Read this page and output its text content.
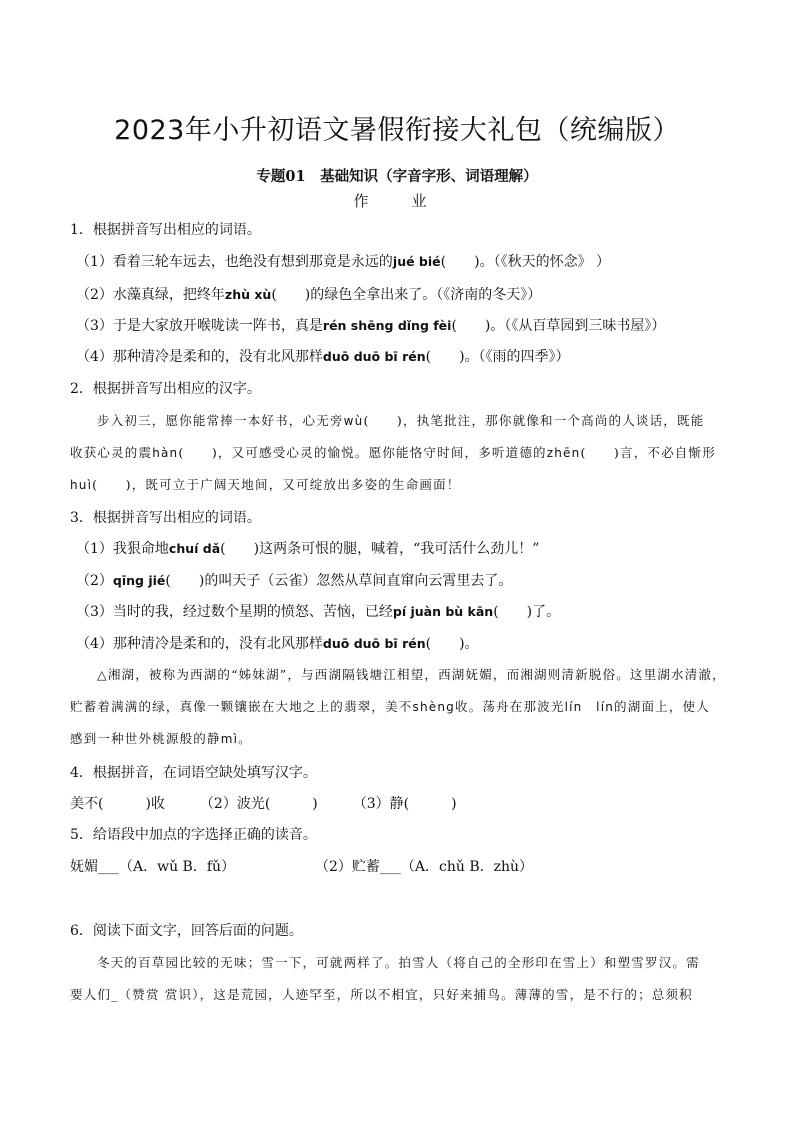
2023年小升初语文暑假衔接大礼包（统编版）
专题01　基础知识（字音字形、词语理解）
作　业
1．根据拼音写出相应的词语。
（1）看着三轮车远去，也绝没有想到那竟是永远的jué bié(　　)。（《秋天的怀念》 ）
（2）水藻真绿，把终年zhù xù(　　)的绿色全拿出来了。（《济南的冬天》）
（3）于是大家放开喉咙读一阵书，真是rén shēng dǐng fèi(　　)。（《从百草园到三味书屋》）
（4）那种清冷是柔和的，没有北风那样duō duō bī rén(　　)。（《雨的四季》）
2．根据拼音写出相应的汉字。
步入初三，愿你能常捧一本好书，心无旁wù(　　)，执笔批注，那你就像和一个高尚的人谈话，既能
收获心灵的震hàn(　　)，又可感受心灵的愉悦。愿你能恪守时间，多听道德的zhēn(　　)言，不必自惭形
huì(　　)，既可立于广阔天地间，又可绽放出多姿的生命画面！
3．根据拼音写出相应的词语。
（1）我狠命地chuí dǎ(　　)这两条可恨的腿，喊着，“我可活什么劲儿！”
（2）qīng jié(　　)的叫天子（云雀）忽然从草间直窜向云霄里去了。
（3）当时的我，经过数个星期的愤怒、苦恼，已经pí juàn bù kān(　　)了。
（4）那种清冷是柔和的，没有北风那样duō duō bī rén(　　)。
△湘湖，被称为西湖的“姊妹湖”，与西湖隔钱塘江相望，西湖妩媚，而湘湖则清新脱俗。这里湖水清澈，
贮蓄着满满的绿，真像一颗镶嵌在大地之上的翡翠，美不shèng收。荡舟在那波光lín　 lín的湖面上，使人
感到一种世外桃源般的静mì。
4．根据拼音，在词语空缺处填写汉字。
美不(　　　)收　　　（2）波光(　　　)　　　（3）静(　　　)
5．给语段中加点的字选择正确的读音。
妩媚___（A．wǔ B．fǔ）	（2）贮蓄___（A．chǔ B．zhù）
6．阅读下面文字，回答后面的问题。
冬天的百草园比较的无味；雪一下，可就两样了。拍雪人（将自己的全形印在雪上）和塑雪罗汉。需
要人们_（赞赏 赏识），这是荒园，人迹罕至，所以不相宜，只好来捕鸟。薄薄的雪，是不行的；总须积
